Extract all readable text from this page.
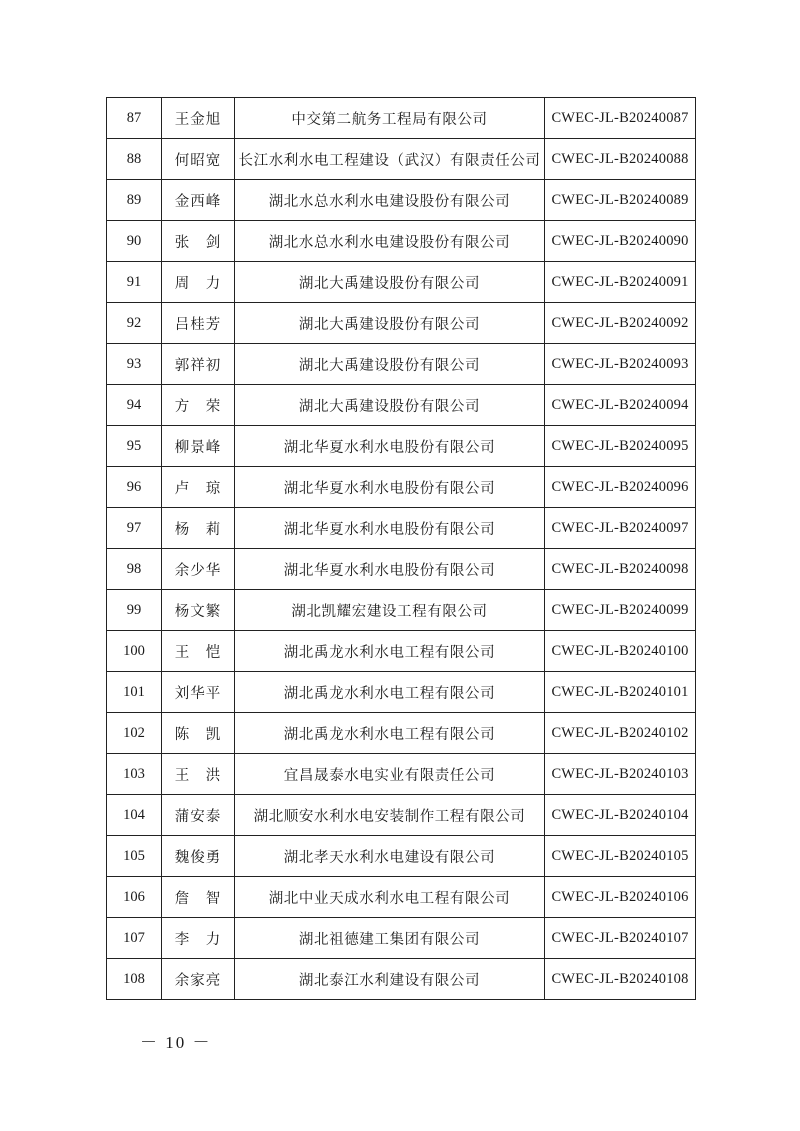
87	王金旭	中交第二航务工程局有限公司	CWEC-JL-B20240087
88	何昭宽	长江水利水电工程建设（武汉）有限责任公司	CWEC-JL-B20240088
89	金西峰	湖北水总水利水电建设股份有限公司	CWEC-JL-B20240089
90	张　剑	湖北水总水利水电建设股份有限公司	CWEC-JL-B20240090
91	周　力	湖北大禹建设股份有限公司	CWEC-JL-B20240091
92	吕桂芳	湖北大禹建设股份有限公司	CWEC-JL-B20240092
93	郭祥初	湖北大禹建设股份有限公司	CWEC-JL-B20240093
94	方　荣	湖北大禹建设股份有限公司	CWEC-JL-B20240094
95	柳景峰	湖北华夏水利水电股份有限公司	CWEC-JL-B20240095
96	卢　琼	湖北华夏水利水电股份有限公司	CWEC-JL-B20240096
97	杨　莉	湖北华夏水利水电股份有限公司	CWEC-JL-B20240097
98	余少华	湖北华夏水利水电股份有限公司	CWEC-JL-B20240098
99	杨文繁	湖北凯耀宏建设工程有限公司	CWEC-JL-B20240099
100	王　恺	湖北禹龙水利水电工程有限公司	CWEC-JL-B20240100
101	刘华平	湖北禹龙水利水电工程有限公司	CWEC-JL-B20240101
102	陈　凯	湖北禹龙水利水电工程有限公司	CWEC-JL-B20240102
103	王　洪	宜昌晟泰水电实业有限责任公司	CWEC-JL-B20240103
104	蒲安泰	湖北顺安水利水电安装制作工程有限公司	CWEC-JL-B20240104
105	魏俊勇	湖北孝天水利水电建设有限公司	CWEC-JL-B20240105
106	詹　智	湖北中业天成水利水电工程有限公司	CWEC-JL-B20240106
107	李　力	湖北祖德建工集团有限公司	CWEC-JL-B20240107
108	余家亮	湖北泰江水利建设有限公司	CWEC-JL-B20240108
－ 10 －
